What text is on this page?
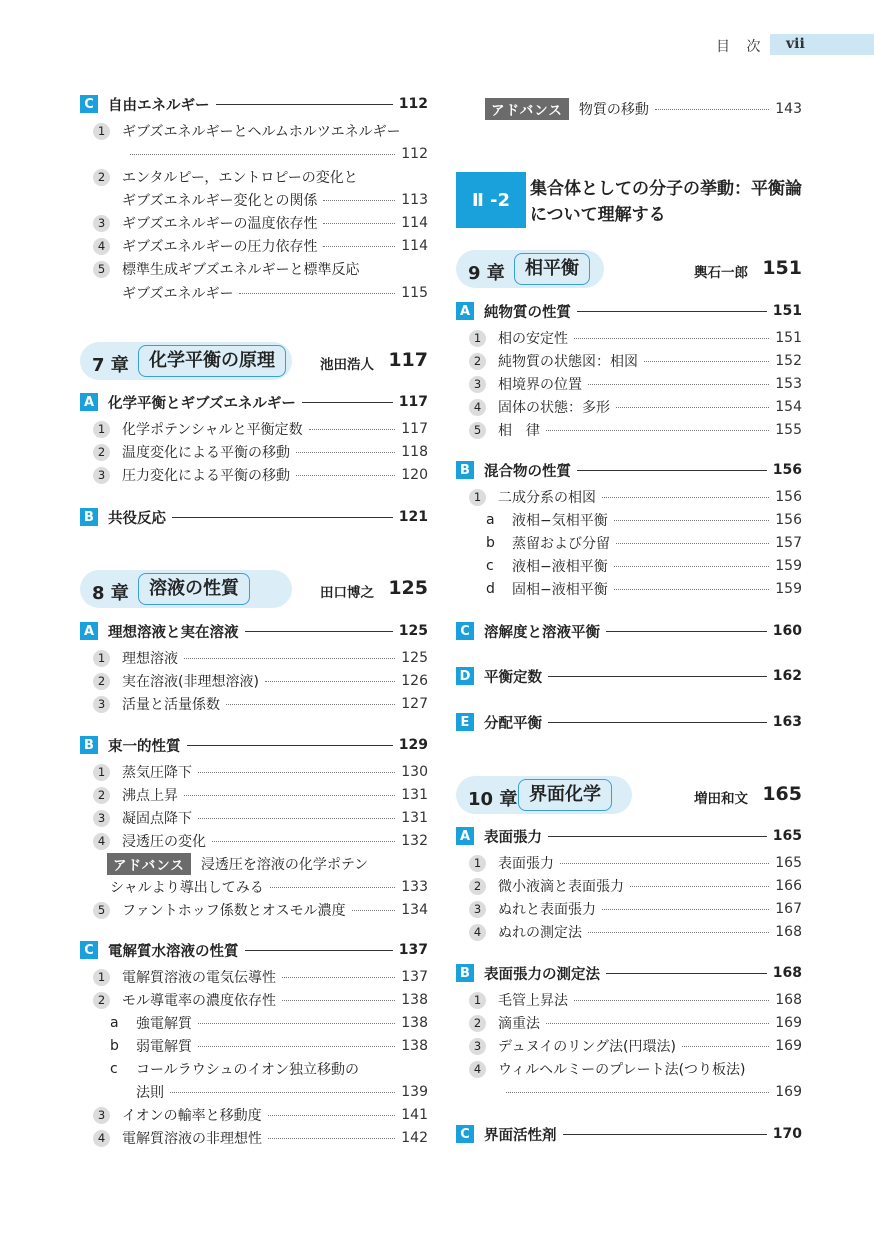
目 次 vii
C 自由エネルギー	112
1	ギブズエネルギーとヘルムホルツエネルギー
112
2	エンタルピー，エントロピーの変化と
ギブズエネルギー変化との関係	113
3	ギブズエネルギーの温度依存性	114
4	ギブズエネルギーの圧力依存性	114
5	標準生成ギブズエネルギーと標準反応
ギブズエネルギー	115
7 章	化学平衡の原理	池田浩人 117
A 化学平衡とギブズエネルギー	117
1	化学ポテンシャルと平衡定数	117
2	温度変化による平衡の移動	118
3	圧力変化による平衡の移動	120
B 共役反応	121
8 章	溶液の性質	田口博之 125
A 理想溶液と実在溶液	125
1	理想溶液	125
2	実在溶液(非理想溶液)	126
3	活量と活量係数	127
B 束一的性質	129
1	蒸気圧降下	130
2	沸点上昇	131
3	凝固点降下	131
4	浸透圧の変化	132
アドバンス	浸透圧を溶液の化学ポテン
シャルより導出してみる	133
5	ファントホッフ係数とオスモル濃度	134
C 電解質水溶液の性質	137
1	電解質溶液の電気伝導性	137
2	モル導電率の濃度依存性	138
a	強電解質	138
b	弱電解質	138
c	コールラウシュのイオン独立移動の
法則	139
3	イオンの輸率と移動度	141
4	電解質溶液の非理想性	142
アドバンス	物質の移動	143
Ⅱ -2
集合体としての分子の挙動：平衡論
について理解する
9 章	相平衡	輿石一郎 151
A 純物質の性質	151
1	相の安定性	151
2	純物質の状態図：相図	152
3	相境界の位置	153
4	固体の状態：多形	154
5	相　律	155
B 混合物の性質	156
1	二成分系の相図	156
a	液相−気相平衡	156
b	蒸留および分留	157
c	液相−液相平衡	159
d	固相−液相平衡	159
C 溶解度と溶液平衡	160
D 平衡定数	162
E	分配平衡	163
10 章 界面化学	増田和文 165
A 表面張力	165
1	表面張力	165
2	微小液滴と表面張力	166
3	ぬれと表面張力	167
4	ぬれの測定法	168
B 表面張力の測定法	168
1	毛管上昇法	168
2	滴重法	169
3	デュヌイのリング法(円環法)	169
4	ウィルヘルミーのプレート法(つり板法)
169
C 界面活性剤	170
